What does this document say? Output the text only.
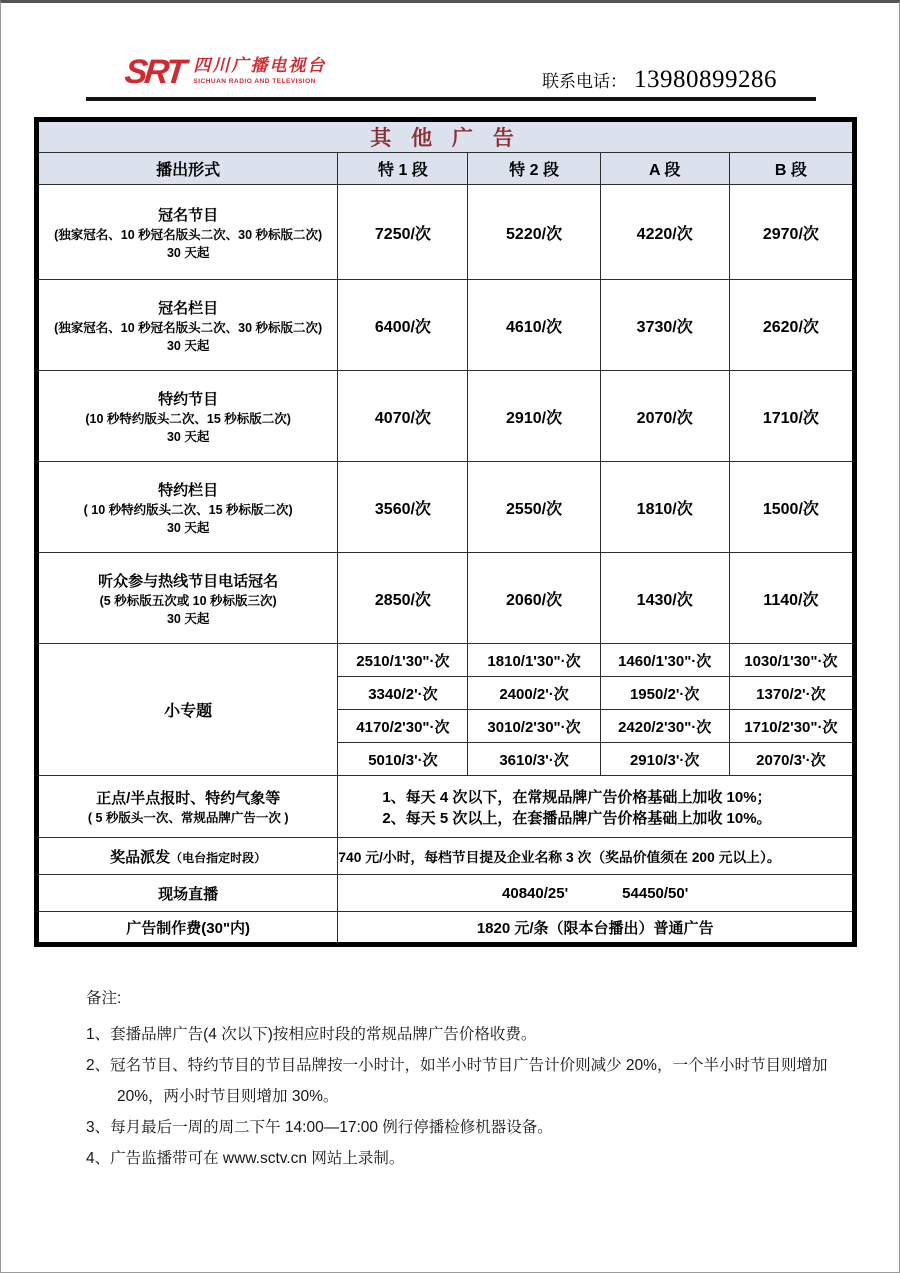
SRT 四川广播电视台
SICHUAN RADIO AND TELEVISION	联系电话： 13980899286
其 他 广 告				
播出形式	特 1 段	特 2 段	A 段	B 段

冠名节目
(独家冠名、10 秒冠名版头二次、30 秒标版二次)
30 天起	7250/次	5220/次	4220/次	2970/次

冠名栏目
(独家冠名、10 秒冠名版头二次、30 秒标版二次)
30 天起	6400/次	4610/次	3730/次	2620/次

特约节目
(10 秒特约版头二次、15 秒标版二次)
30 天起	4070/次	2910/次	2070/次	1710/次

特约栏目
( 10 秒特约版头二次、15 秒标版二次)
30 天起	3560/次	2550/次	1810/次	1500/次

听众参与热线节目电话冠名
(5 秒标版五次或 10 秒标版三次)
30 天起	2850/次	2060/次	1430/次	1140/次
小专题	2510/1'30"·次	1810/1'30"·次	1460/1'30"·次	1030/1'30"·次
	3340/2'·次	2400/2'·次	1950/2'·次	1370/2'·次
	4170/2'30"·次	3010/2'30"·次	2420/2'30"·次	1710/2'30"·次
	5010/3'·次	3610/3'·次	2910/3'·次	2070/3'·次

正点/半点报时、特约气象等
( 5 秒版头一次、常规品牌广告一次 )	1、每天 4 次以下，在常规品牌广告价格基础上加收 10%；
2、每天 5 次以上，在套播品牌广告价格基础上加收 10%。			

奖品派发（电台指定时段）	740 元/小时，每档节目提及企业名称 3 次（奖品价值须在 200 元以上）。			
现场直播	40840/25' 54450/50'			
广告制作费(30"内)	1820 元/条（限本台播出）普通广告			
备注:
1、套播品牌广告(4 次以下)按相应时段的常规品牌广告价格收费。
2、冠名节目、特约节目的节目品牌按一小时计，如半小时节目广告计价则减少 20%，一个半小时节目则增加 20%，两小时节目则增加 30%。
3、每月最后一周的周二下午 14:00—17:00 例行停播检修机器设备。
4、广告监播带可在 www.sctv.cn 网站上录制。
